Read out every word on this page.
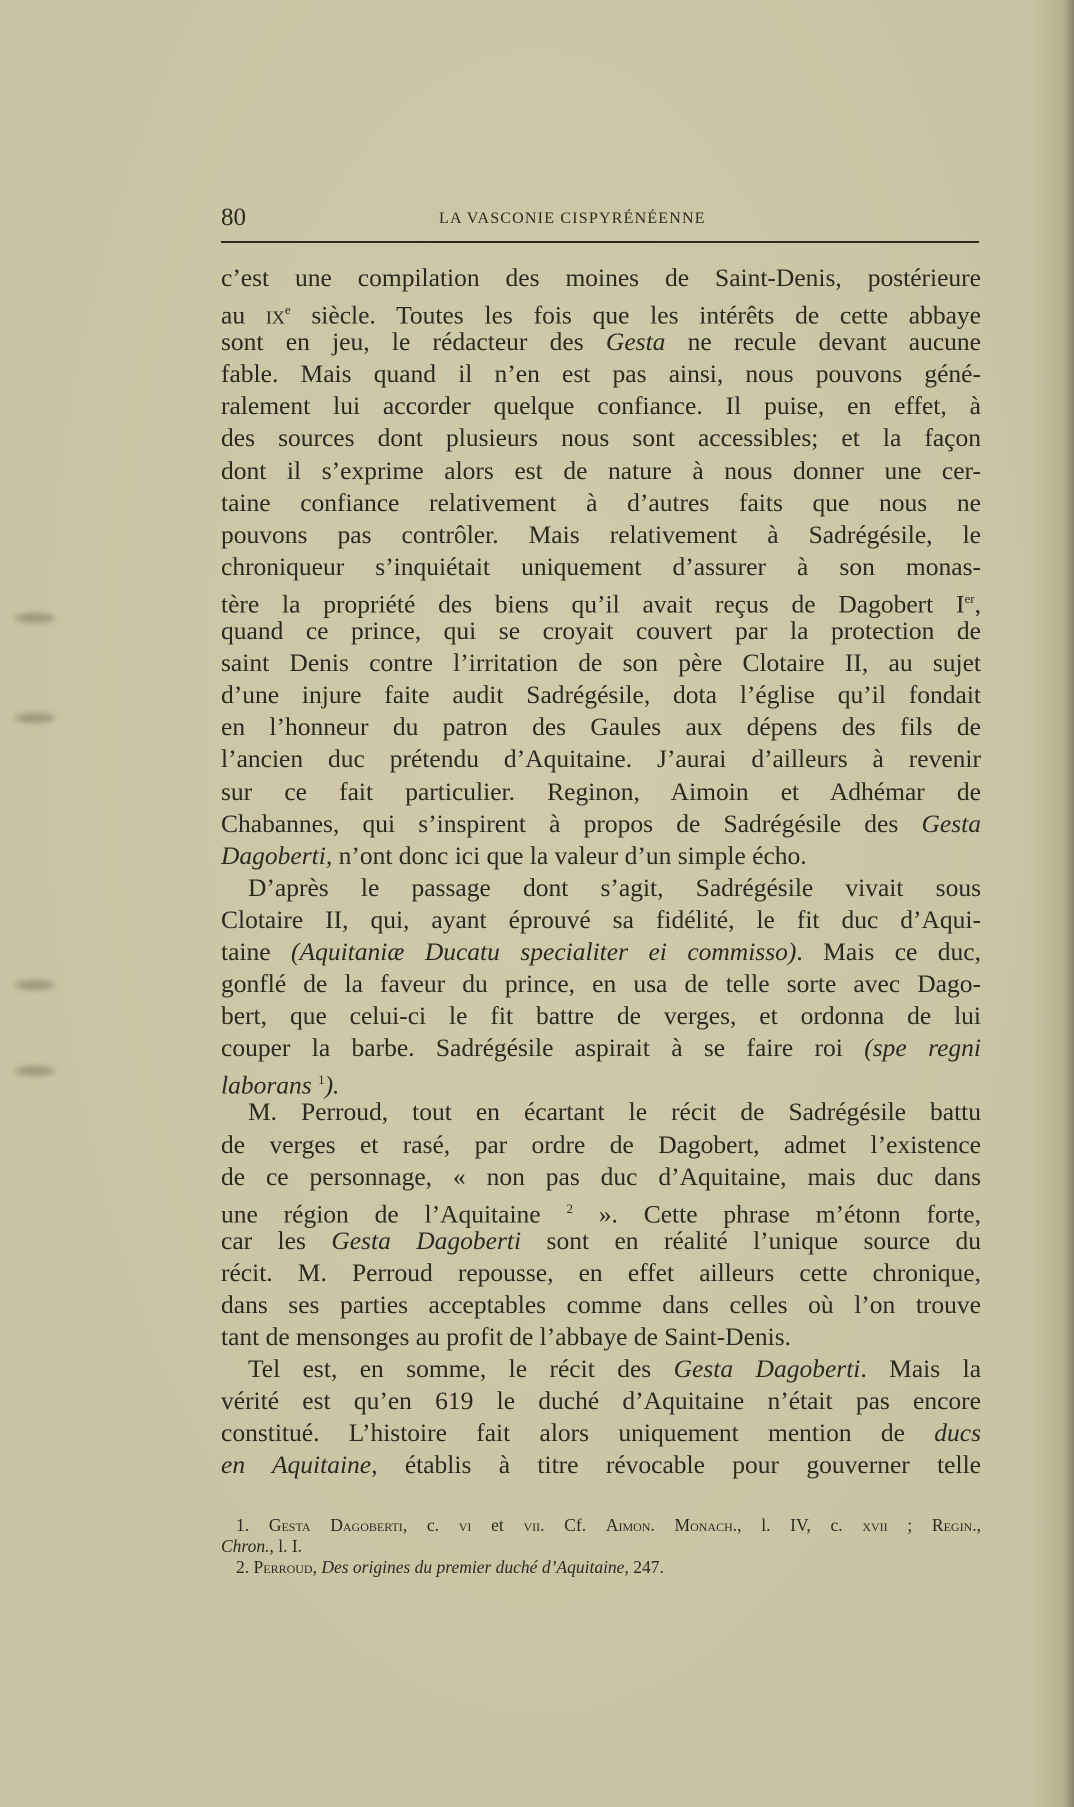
80	LA VASCONIE CISPYRÉNÉENNE
c’est une compilation des moines de Saint-Denis, postérieure
au $ix^e$ siècle. Toutes les fois que les intérêts de cette abbaye
sont en jeu, le rédacteur des Gesta ne recule devant aucune
fable. Mais quand il n’en est pas ainsi, nous pouvons géné-
ralement lui accorder quelque confiance. Il puise, en effet, à
des sources dont plusieurs nous sont accessibles; et la façon
dont il s’exprime alors est de nature à nous donner une cer-
taine confiance relativement à d’autres faits que nous ne
pouvons pas contrôler. Mais relativement à Sadrégésile, le
chroniqueur s’inquiétait uniquement d’assurer à son monas-
tère la propriété des biens qu’il avait reçus de Dagobert Ier,
quand ce prince, qui se croyait couvert par la protection de
saint Denis contre l’irritation de son père Clotaire II, au sujet
d’une injure faite audit Sadrégésile, dota l’église qu’il fondait
en l’honneur du patron des Gaules aux dépens des fils de
l’ancien duc prétendu d’Aquitaine. J’aurai d’ailleurs à revenir
sur ce fait particulier. Reginon, Aimoin et Adhémar de
Chabannes, qui s’inspirent à propos de Sadrégésile des Gesta
Dagoberti, n’ont donc ici que la valeur d’un simple écho.
D’après le passage dont s’agit, Sadrégésile vivait sous
Clotaire II, qui, ayant éprouvé sa fidélité, le fit duc d’Aqui-
taine (Aquitaniæ Ducatu specialiter ei commisso). Mais ce duc,
gonflé de la faveur du prince, en usa de telle sorte avec Dago-
bert, que celui-ci le fit battre de verges, et ordonna de lui
couper la barbe. Sadrégésile aspirait à se faire roi (spe regni
laborans $^1$).
M. Perroud, tout en écartant le récit de Sadrégésile battu
de verges et rasé, par ordre de Dagobert, admet l’existence
de ce personnage, « non pas duc d’Aquitaine, mais duc dans
une région de l’Aquitaine $^2$ ». Cette phrase m’étonn forte,
car les Gesta Dagoberti sont en réalité l’unique source du
récit. M. Perroud repousse, en effet ailleurs cette chronique,
dans ses parties acceptables comme dans celles où l’on trouve
tant de mensonges au profit de l’abbaye de Saint-Denis.
Tel est, en somme, le récit des Gesta Dagoberti. Mais la
vérité est qu’en 619 le duché d’Aquitaine n’était pas encore
constitué. L’histoire fait alors uniquement mention de ducs
en Aquitaine, établis à titre révocable pour gouverner telle
1. Gesta Dagoberti, c. vi et vii. Cf. Aimon. Monach., l. IV, c. xvii ; Regin.,
Chron., l. I.
2. Perroud, Des origines du premier duché d’Aquitaine, 247.
